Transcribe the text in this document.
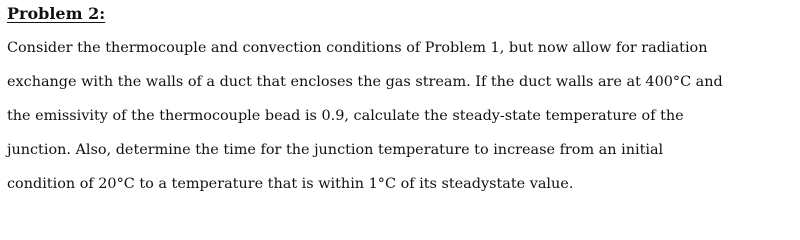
Problem 2:

Consider the thermocouple and convection conditions of Problem 1, but now allow for radiation

exchange with the walls of a duct that encloses the gas stream. If the duct walls are at 400°C and

the emissivity of the thermocouple bead is 0.9, calculate the steady-state temperature of the

junction. Also, determine the time for the junction temperature to increase from an initial

condition of 20°C to a temperature that is within 1°C of its steadystate value.
